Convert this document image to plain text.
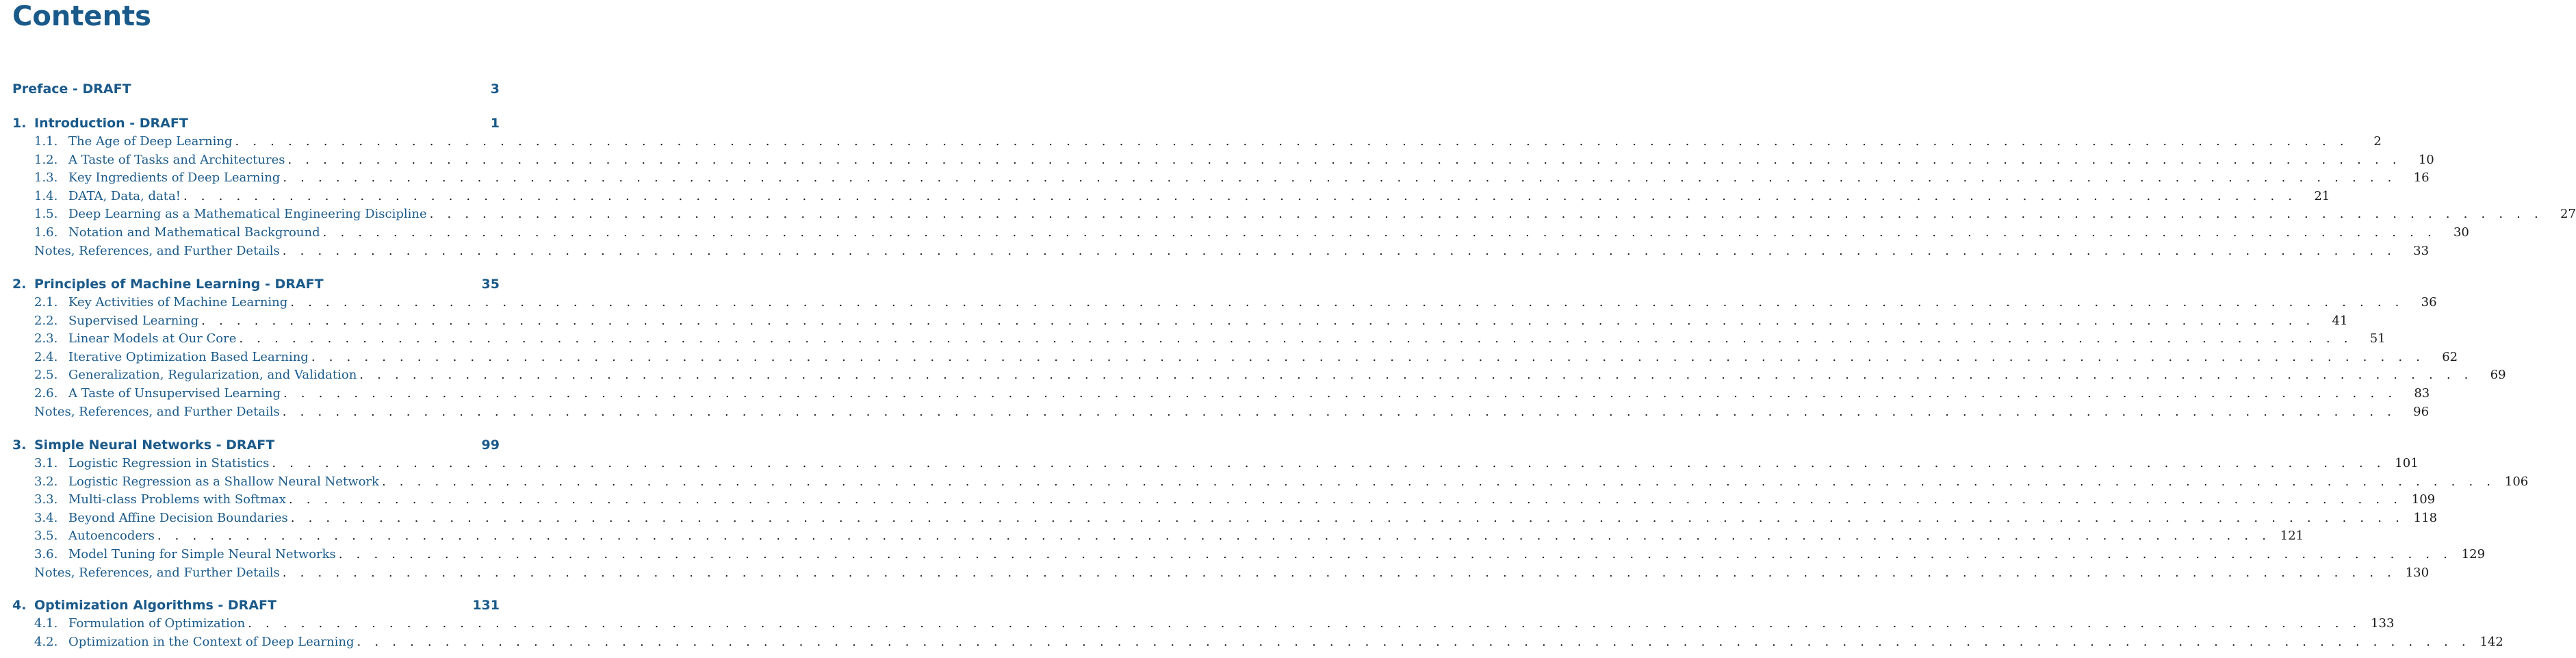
Contents
Preface - DRAFT	3
1. Introduction - DRAFT	1
1.1. The Age of Deep Learning . . . . . . . . . . . . . . . . . . . . . . . . . . . . . . . . . . . . . . . . . . . . . . . . . . . . . . . . . . . . . . . . . . . . . . . . . . . . . . . . . . . . . . . . . . . . . . . . . . . . . . . . . . . . . . . . . . . . . . . .	2
1.2. A Taste of Tasks and Architectures . . . . . . . . . . . . . . . . . . . . . . . . . . . . . . . . . . . . . . . . . . . . . . . . . . . . . . . . . . . . . . . . . . . . . . . . . . . . . . . . . . . . . . . . . . . . . . . . . . . . . . . . . . . . . . . . . . . . . . . .	10
1.3. Key Ingredients of Deep Learning . . . . . . . . . . . . . . . . . . . . . . . . . . . . . . . . . . . . . . . . . . . . . . . . . . . . . . . . . . . . . . . . . . . . . . . . . . . . . . . . . . . . . . . . . . . . . . . . . . . . . . . . . . . . . . . . . . . . . . . .	16
1.4. DATA, Data, data! . . . . . . . . . . . . . . . . . . . . . . . . . . . . . . . . . . . . . . . . . . . . . . . . . . . . . . . . . . . . . . . . . . . . . . . . . . . . . . . . . . . . . . . . . . . . . . . . . . . . . . . . . . . . . . . . . . . . . . . .	21
1.5. Deep Learning as a Mathematical Engineering Discipline . . . . . . . . . . . . . . . . . . . . . . . . . . . . . . . . . . . . . . . . . . . . . . . . . . . . . . . . . . . . . . . . . . . . . . . . . . . . . . . . . . . . . . . . . . . . . . . . . . . . . . . . . . . . . . . . . . . . . . . .	27
1.6. Notation and Mathematical Background . . . . . . . . . . . . . . . . . . . . . . . . . . . . . . . . . . . . . . . . . . . . . . . . . . . . . . . . . . . . . . . . . . . . . . . . . . . . . . . . . . . . . . . . . . . . . . . . . . . . . . . . . . . . . . . . . . . . . . . .	30
Notes, References, and Further Details . . . . . . . . . . . . . . . . . . . . . . . . . . . . . . . . . . . . . . . . . . . . . . . . . . . . . . . . . . . . . . . . . . . . . . . . . . . . . . . . . . . . . . . . . . . . . . . . . . . . . . . . . . . . . . . . . . . . . . . .	33
2. Principles of Machine Learning - DRAFT	35
2.1. Key Activities of Machine Learning . . . . . . . . . . . . . . . . . . . . . . . . . . . . . . . . . . . . . . . . . . . . . . . . . . . . . . . . . . . . . . . . . . . . . . . . . . . . . . . . . . . . . . . . . . . . . . . . . . . . . . . . . . . . . . . . . . . . . . . .	36
2.2. Supervised Learning . . . . . . . . . . . . . . . . . . . . . . . . . . . . . . . . . . . . . . . . . . . . . . . . . . . . . . . . . . . . . . . . . . . . . . . . . . . . . . . . . . . . . . . . . . . . . . . . . . . . . . . . . . . . . . . . . . . . . . . .	41
2.3. Linear Models at Our Core . . . . . . . . . . . . . . . . . . . . . . . . . . . . . . . . . . . . . . . . . . . . . . . . . . . . . . . . . . . . . . . . . . . . . . . . . . . . . . . . . . . . . . . . . . . . . . . . . . . . . . . . . . . . . . . . . . . . . . . .	51
2.4. Iterative Optimization Based Learning . . . . . . . . . . . . . . . . . . . . . . . . . . . . . . . . . . . . . . . . . . . . . . . . . . . . . . . . . . . . . . . . . . . . . . . . . . . . . . . . . . . . . . . . . . . . . . . . . . . . . . . . . . . . . . . . . . . . . . . .	62
2.5. Generalization, Regularization, and Validation . . . . . . . . . . . . . . . . . . . . . . . . . . . . . . . . . . . . . . . . . . . . . . . . . . . . . . . . . . . . . . . . . . . . . . . . . . . . . . . . . . . . . . . . . . . . . . . . . . . . . . . . . . . . . . . . . . . . . . . .	69
2.6. A Taste of Unsupervised Learning . . . . . . . . . . . . . . . . . . . . . . . . . . . . . . . . . . . . . . . . . . . . . . . . . . . . . . . . . . . . . . . . . . . . . . . . . . . . . . . . . . . . . . . . . . . . . . . . . . . . . . . . . . . . . . . . . . . . . . . .	83
Notes, References, and Further Details . . . . . . . . . . . . . . . . . . . . . . . . . . . . . . . . . . . . . . . . . . . . . . . . . . . . . . . . . . . . . . . . . . . . . . . . . . . . . . . . . . . . . . . . . . . . . . . . . . . . . . . . . . . . . . . . . . . . . . . .	96
3. Simple Neural Networks - DRAFT	99
3.1. Logistic Regression in Statistics . . . . . . . . . . . . . . . . . . . . . . . . . . . . . . . . . . . . . . . . . . . . . . . . . . . . . . . . . . . . . . . . . . . . . . . . . . . . . . . . . . . . . . . . . . . . . . . . . . . . . . . . . . . . . . . . . . . . . . . . 101
3.2. Logistic Regression as a Shallow Neural Network . . . . . . . . . . . . . . . . . . . . . . . . . . . . . . . . . . . . . . . . . . . . . . . . . . . . . . . . . . . . . . . . . . . . . . . . . . . . . . . . . . . . . . . . . . . . . . . . . . . . . . . . . . . . . . . . . . . . . . . . 106
3.3. Multi-class Problems with Softmax . . . . . . . . . . . . . . . . . . . . . . . . . . . . . . . . . . . . . . . . . . . . . . . . . . . . . . . . . . . . . . . . . . . . . . . . . . . . . . . . . . . . . . . . . . . . . . . . . . . . . . . . . . . . . . . . . . . . . . . . 109
3.4. Beyond Affine Decision Boundaries . . . . . . . . . . . . . . . . . . . . . . . . . . . . . . . . . . . . . . . . . . . . . . . . . . . . . . . . . . . . . . . . . . . . . . . . . . . . . . . . . . . . . . . . . . . . . . . . . . . . . . . . . . . . . . . . . . . . . . . . 118
3.5. Autoencoders . . . . . . . . . . . . . . . . . . . . . . . . . . . . . . . . . . . . . . . . . . . . . . . . . . . . . . . . . . . . . . . . . . . . . . . . . . . . . . . . . . . . . . . . . . . . . . . . . . . . . . . . . . . . . . . . . . . . . . . . 121
3.6. Model Tuning for Simple Neural Networks . . . . . . . . . . . . . . . . . . . . . . . . . . . . . . . . . . . . . . . . . . . . . . . . . . . . . . . . . . . . . . . . . . . . . . . . . . . . . . . . . . . . . . . . . . . . . . . . . . . . . . . . . . . . . . . . . . . . . . . . 129
Notes, References, and Further Details . . . . . . . . . . . . . . . . . . . . . . . . . . . . . . . . . . . . . . . . . . . . . . . . . . . . . . . . . . . . . . . . . . . . . . . . . . . . . . . . . . . . . . . . . . . . . . . . . . . . . . . . . . . . . . . . . . . . . . . . 130
4. Optimization Algorithms - DRAFT	131
4.1. Formulation of Optimization . . . . . . . . . . . . . . . . . . . . . . . . . . . . . . . . . . . . . . . . . . . . . . . . . . . . . . . . . . . . . . . . . . . . . . . . . . . . . . . . . . . . . . . . . . . . . . . . . . . . . . . . . . . . . . . . . . . . . . . . 133
4.2. Optimization in the Context of Deep Learning . . . . . . . . . . . . . . . . . . . . . . . . . . . . . . . . . . . . . . . . . . . . . . . . . . . . . . . . . . . . . . . . . . . . . . . . . . . . . . . . . . . . . . . . . . . . . . . . . . . . . . . . . . . . . . . . . . . . . . . . 142
